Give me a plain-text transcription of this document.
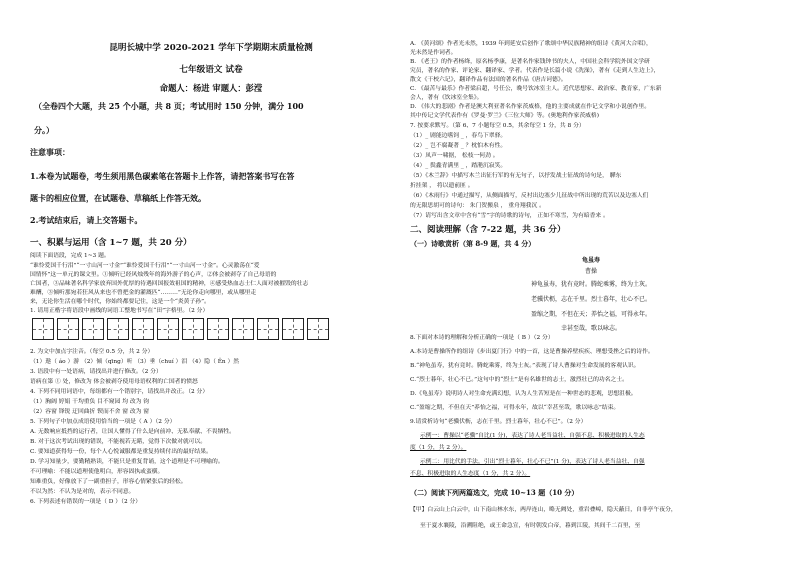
昆明长城中学 2020-2021 学年下学期期末质量检测
七年级语文 试卷
命题人：杨进 审题人：彭滢
（全卷四个大题，共 25 个小题，共 8 页；考试用时 150 分钟，满分 100
分。）
注意事项：
1.本卷为试题卷，考生须用黑色碳素笔在答题卡上作答，请把答案书写在答
题卡的相应位置，在试题卷、草稿纸上作答无效。
2.考试结束后，请上交答题卡。
一、积累与运用（含 1~7 题，共 20 分）
阅读下面语段，完成 1~3 题。
“谁怜爱国千行泪”“一寸山河一寸金”“谁怜爱国千行泪”“一寸山河一寸金”。心灵激荡在“爱
国情怀”这一单元的课文里。①倾听已经风烛残年的海外游子的心声，②体会被剥夺了自己母语的
亡国者，③品味著名科学家放弃国外优厚的待遇回国报效祖国的精神，④感受热血志士仁人面对被摧毁的壮志
难酬，③倾听那宛若狂风从来也不曾把金的灌溉匹“………”无论你走向哪里，或从哪里走
来，无论你生活在哪个时代，你始终都要记住，这是一个“炎黄子孙”。
1. 请用正楷字将语段中画线的词语工整地书写在“田”字格里。（2 分）
2. 为文中加点字注音。（每空 0.5 分，共 2 分）
（1）遨（ áo ）游 （2）倾（qīng）听 （3）垂（chuí ）泪 （4）隐（ Ěn ）然
3. 语段中有一处语病，请找出并进行修改。（2 分）
语病在第 ① 处，修改为 体会被剥夺使用母语权利的亡国者的愤怒
4. 下列不同用词语中，每组都有一个错别字，请找出并改正。（2 分）
（1）胸阔 婷娟 干均重负 目不窥园 均 改为 钧
（2）容窗 锋锐 迂回曲折 锲而不舍 窗 改为 窗
5. 下列句子中加点成语使用恰当的一项是（ A ）（2 分）
A. 无数响应抵挡的运行者，让国人懂得了什么是向前冲、无私奉献、不畏牺牲。
B. 对于这次考试出现的错误，不能视若无睹，觉得下次做对就可以。
C. 要知道获得每一份，每个人心悦诚服都是重复持续付出的最好结果。
D. 学习知量少，要勤精熟读，不能只是重复背诵，这个道理是不可理喻的。
不可理喻：不能以道理使他明白，形容固执或蛮横。
知难重负，好像放下了一副重担子，形容心情紧张后的轻松。
不以为然：不认为是对的，表示不同意。
6. 下列表述有错误的一项是（ D ）（2 分）
A. 《黄河颂》作者光未然，1939 年到延安后创作了歌颂中华民族精神的组诗《黄河大合唱》，
光未然是作词者。
B. 《老王》的作者杨绛，原名杨季康，是著名作家钱钟书的夫人，中国社会科学院外国文学研
究员，著名的作家、评论家、翻译家、学者。代表作是长篇小说《洗澡》，著有《走到人生边上》，
散文《干校六记》，翻译作品有法国的著名作品《唐吉诃德》。
C. 《最苦与最乐》作者梁启超，号任公，晚号饮冰室主人。近代思想家、政治家、教育家，广东新
会人，著有《饮冰室全集》。
D. 《伟大的悲剧》作者是澳大利亚著名作家茨威格，他的主要成就在作记文学和小说创作里。
其中传记文学代表作有《罗曼·罗兰》《三位大师》等。(奥地利作家茨威格)
7. 按要求默写。（第 6、7 小题每空 0.5，其余每空 1 分，共 8 分）
（1）_ 剧能边嗜饲 _ ，春鸟下翠驿。
（2）_ 岂不腐凝著 _ ？枕怕木有性。
（3）凤声一啸据， 松枝一何劲 。
（4）_ 鬓鑫青满里 _ ，踏滟沉寂笑。
（5）《木兰辞》中描写木兰出征行军的有无句子，以抒发战士征战的诗句是， 驊东
折挂架 ， 将以遗前匪 。
（6）《木雨行》中通过描写，从侧面描写，反衬出边塞少儿征战中所出现的荒苦以及边塞人们
的无限思胡可的诗句： 朱门贺搬泉 ， 重舟翔我沉 。
（7）请写出含文章中含有“雪”字的诗歌的诗句， 正如不寒雪，为有暗香来 。
二、阅读理解（含 7-22 题，共 36 分）
（一）诗歌赏析（第 8-9 题，共 4 分）
龟虽寿
曹操
神龟虽寿，犹有竟时。腾蛇乘雾，终为土灰。
老骥伏枥，志在千里。烈士暮年，壮心不已。
盈缩之期，不但在天；养怡之福，可得永年。
幸甚至哉，歌以咏志。
8.下面对本诗的理解和分析正确的一项是（ B ）（2 分）
A.本诗是曹操所作的组诗《步出夏门行》中的一首，这是曹操养壁疾疾、理想受挫之后的诗作。
B.“神龟虽寿，犹有竟时。腾蛇乘雾，终为土灰。”表现了诗人曹操对生命发展的客观认识。
C.“烈士暮年，壮心不已。”这句中的“烈士”是有名雄世的志士，激烈壮已的功名之士。
D.《龟虽寿》说明诗人对生命充满幻想，认为人生苦短是在一种世态的悲观，思想沮极。
C.“盈缩之期，不但在天”养怡之福，可得永年，故以“幸甚至哉，歌以咏志”结束。
9.请赏析诗句“老骥伏枥，志在千里。烈士暮年，壮心不已”。（2 分）
示例一：曹操以“老骥”自比(1 分)，表达了诗人老当益壮、自强不息、积极进取的人生态
度（1 分，共 2 分）。
示例二：用比代的手法，引出“烈士暮年，壮心不已”(1 分)，表达了诗人老当益壮、自强
不息、积极进取的人生态度（1 分，共 2 分）。
（二）阅读下列两篇选文，完成 10~13 题（10 分）
【甲】白云山上白云中，山下南山林水东，两岸连山，略无阙处，重岩叠嶂，隐天蔽日，自非亭午夜分，
至于夏水襄陵，沿溯阻绝，或王命急宣，有时朝发白帝，暮到江陵，其间千二百里，至
